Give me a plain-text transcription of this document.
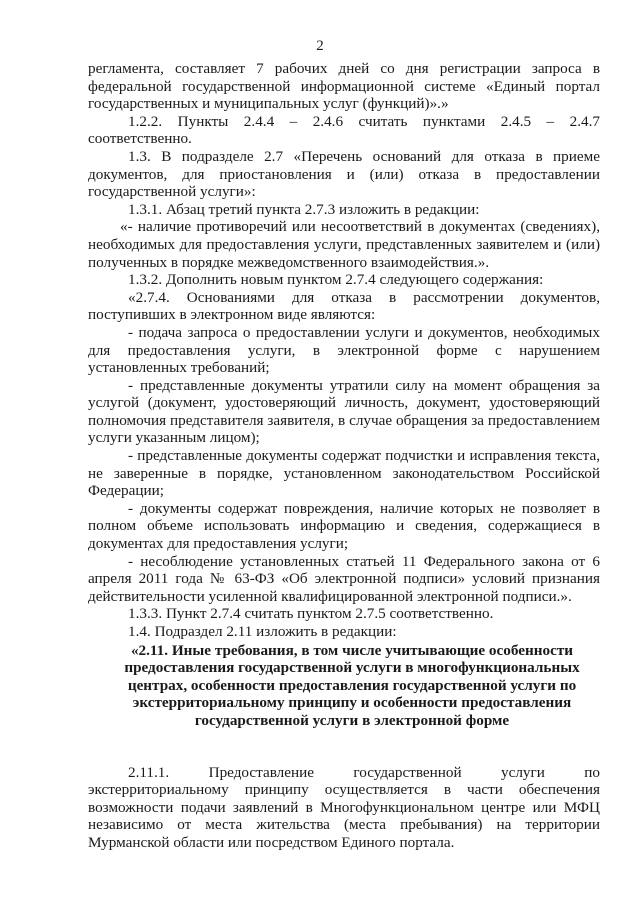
2

регламента, составляет 7 рабочих дней со дня регистрации запроса в федеральной государственной информационной системе «Единый портал государственных и муниципальных услуг (функций)».»

1.2.2. Пункты 2.4.4 – 2.4.6 считать пунктами 2.4.5 – 2.4.7 соответственно.

1.3. В подразделе 2.7 «Перечень оснований для отказа в приеме документов, для приостановления и (или) отказа в предоставлении государственной услуги»:

1.3.1. Абзац третий пункта 2.7.3 изложить в редакции:

«- наличие противоречий или несоответствий в документах (сведениях), необходимых для предоставления услуги, представленных заявителем и (или) полученных в порядке межведомственного взаимодействия.».

1.3.2. Дополнить новым пунктом 2.7.4 следующего содержания:

«2.7.4. Основаниями для отказа в рассмотрении документов, поступивших в электронном виде являются:

- подача запроса о предоставлении услуги и документов, необходимых для предоставления услуги, в электронной форме с нарушением установленных требований;

- представленные документы утратили силу на момент обращения за услугой (документ, удостоверяющий личность, документ, удостоверяющий полномочия представителя заявителя, в случае обращения за предоставлением услуги указанным лицом);

- представленные документы содержат подчистки и исправления текста, не заверенные в порядке, установленном законодательством Российской Федерации;

- документы содержат повреждения, наличие которых не позволяет в полном объеме использовать информацию и сведения, содержащиеся в документах для предоставления услуги;

- несоблюдение установленных статьей 11 Федерального закона от 6 апреля 2011 года № 63-ФЗ «Об электронной подписи» условий признания действительности усиленной квалифицированной электронной подписи.».

1.3.3. Пункт 2.7.4 считать пунктом 2.7.5 соответственно.

1.4. Подраздел 2.11 изложить в редакции:

«2.11. Иные требования, в том числе учитывающие особенности предоставления государственной услуги в многофункциональных центрах, особенности предоставления государственной услуги по экстерриториальному принципу и особенности предоставления государственной услуги в электронной форме

2.11.1. Предоставление государственной услуги по экстерриториальному принципу осуществляется в части обеспечения возможности подачи заявлений в Многофункциональном центре или МФЦ независимо от места жительства (места пребывания) на территории Мурманской области или посредством Единого портала.
